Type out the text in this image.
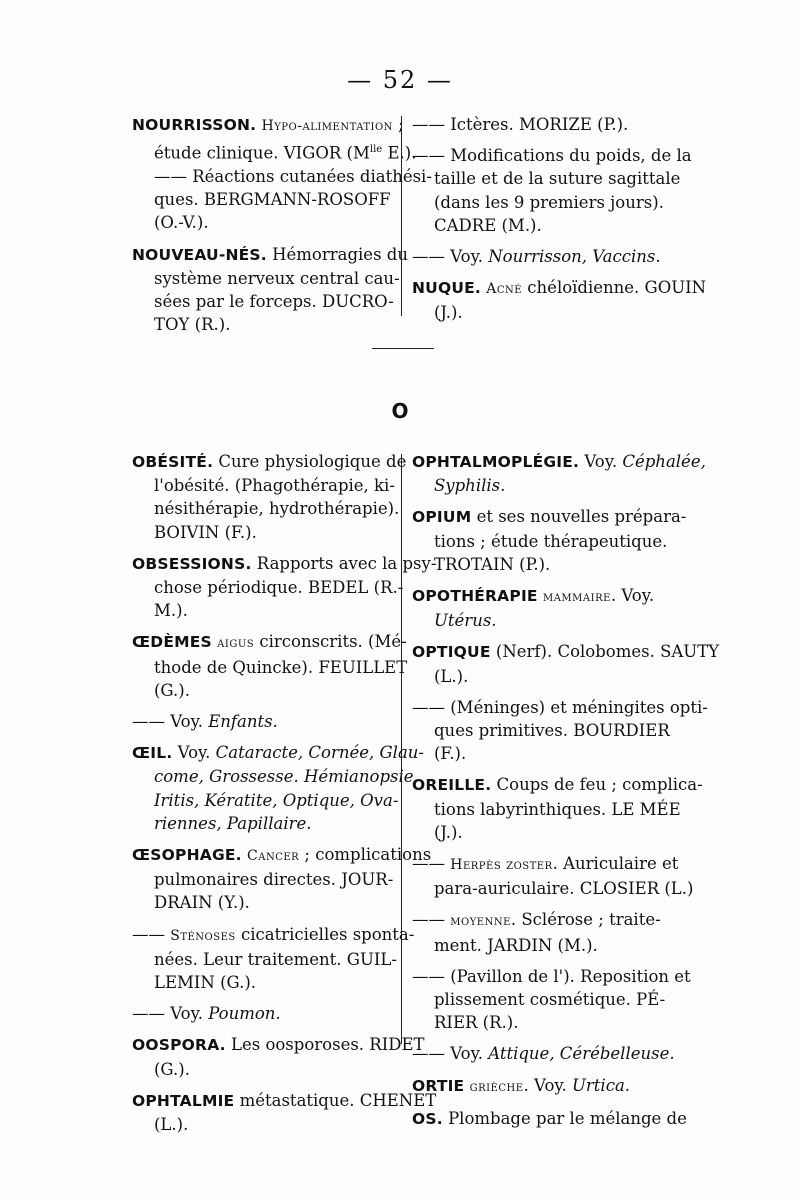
— 52 —
NOURRISSON. Hypo-alimentation ;
étude clinique. VIGOR ($M^{lle}$ E.).
—— Réactions cutanées diathési-
ques. BERGMANN-ROSOFF
(O.-V.).
NOUVEAU-NÉS. Hémorragies du
système nerveux central cau-
sées par le forceps. DUCRO-
TOY (R.).
—— Ictères. MORIZE (P.).
—— Modifications du poids, de la
taille et de la suture sagittale
(dans les 9 premiers jours).
CADRE (M.).
—— Voy. Nourrisson, Vaccins.
NUQUE. Acné chéloïdienne. GOUIN
(J.).
O
OBÉSITÉ. Cure physiologique de
l'obésité. (Phagothérapie, ki-
nésithérapie, hydrothérapie).
BOIVIN (F.).
OBSESSIONS. Rapports avec la psy-
chose périodique. BEDEL (R.-
M.).
ŒDÈMES aigus circonscrits. (Mé-
thode de Quincke). FEUILLET
(G.).
—— Voy. Enfants.
ŒIL. Voy. Cataracte, Cornée, Glau-
come, Grossesse. Hémianopsie,
Iritis, Kératite, Optique, Ova-
riennes, Papillaire.
ŒSOPHAGE. Cancer ; complications
pulmonaires directes. JOUR-
DRAIN (Y.).
—— Sténoses cicatricielles sponta-
nées. Leur traitement. GUIL-
LEMIN (G.).
—— Voy. Poumon.
OOSPORA. Les oosporoses. RIDET
(G.).
OPHTALMIE métastatique. CHENET
(L.).
OPHTALMOPLÉGIE. Voy. Céphalée,
Syphilis.
OPIUM et ses nouvelles prépara-
tions ; étude thérapeutique.
TROTAIN (P.).
OPOTHÉRAPIE mammaire. Voy.
Utérus.
OPTIQUE (Nerf). Colobomes. SAUTY
(L.).
—— (Méninges) et méningites opti-
ques primitives. BOURDIER
(F.).
OREILLE. Coups de feu ; complica-
tions labyrinthiques. LE MÉE
(J.).
—— Herpès zoster. Auriculaire et
para-auriculaire. CLOSIER (L.)
—— moyenne. Sclérose ; traite-
ment. JARDIN (M.).
—— (Pavillon de l'). Reposition et
plissement cosmétique. PÉ-
RIER (R.).
—— Voy. Attique, Cérébelleuse.
ORTIE grièche. Voy. Urtica.
OS. Plombage par le mélange de
